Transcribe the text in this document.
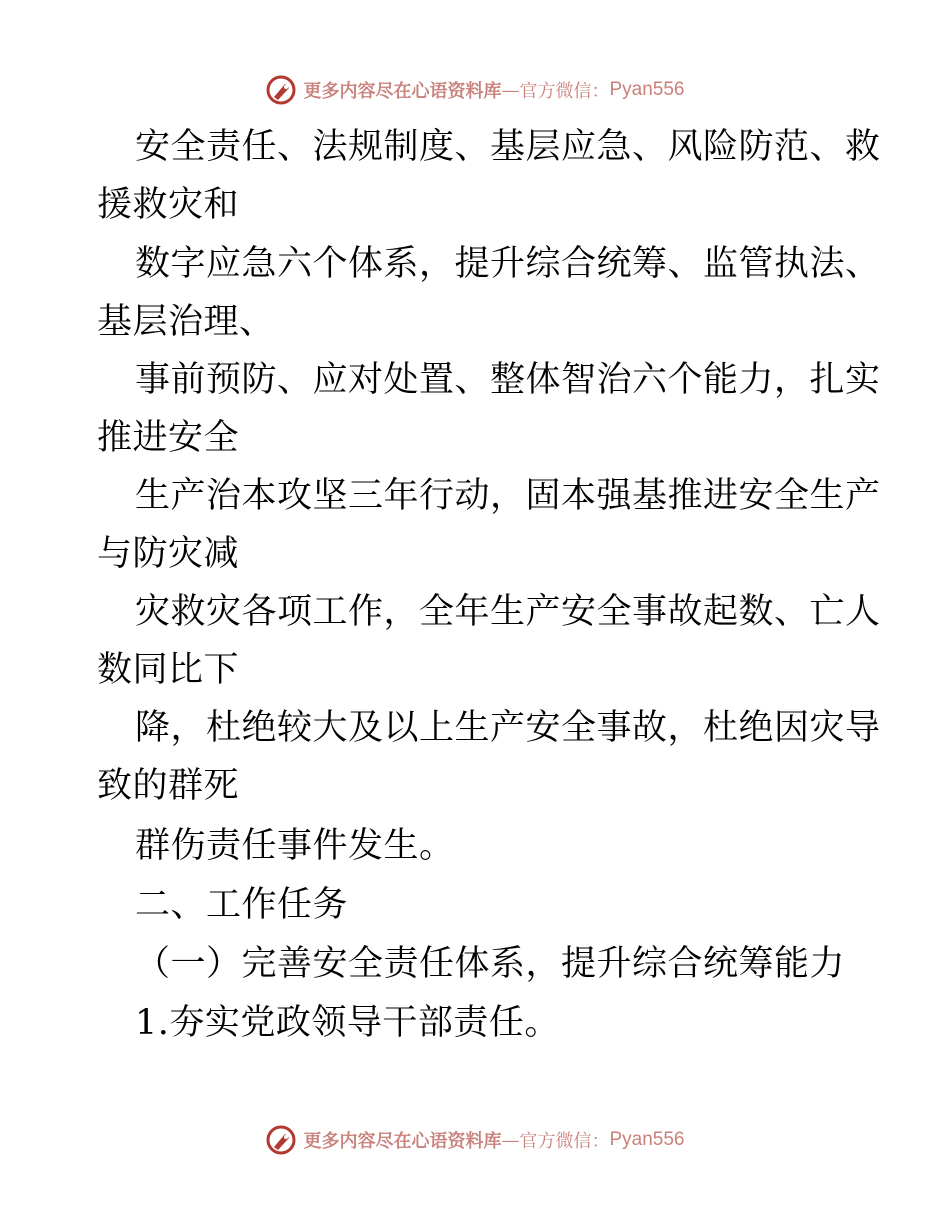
更多内容尽在心语资料库 — 官方微信： Pyan556
安全责任、法规制度、基层应急、风险防范、救
援救灾和
数字应急六个体系，提升综合统筹、监管执法、
基层治理、
事前预防、应对处置、整体智治六个能力，扎实
推进安全
生产治本攻坚三年行动，固本强基推进安全生产
与防灾减
灾救灾各项工作，全年生产安全事故起数、亡人
数同比下
降，杜绝较大及以上生产安全事故，杜绝因灾导
致的群死
群伤责任事件发生。
二、工作任务
（一）完善安全责任体系，提升综合统筹能力
1.夯实党政领导干部责任。
更多内容尽在心语资料库 — 官方微信： Pyan556
